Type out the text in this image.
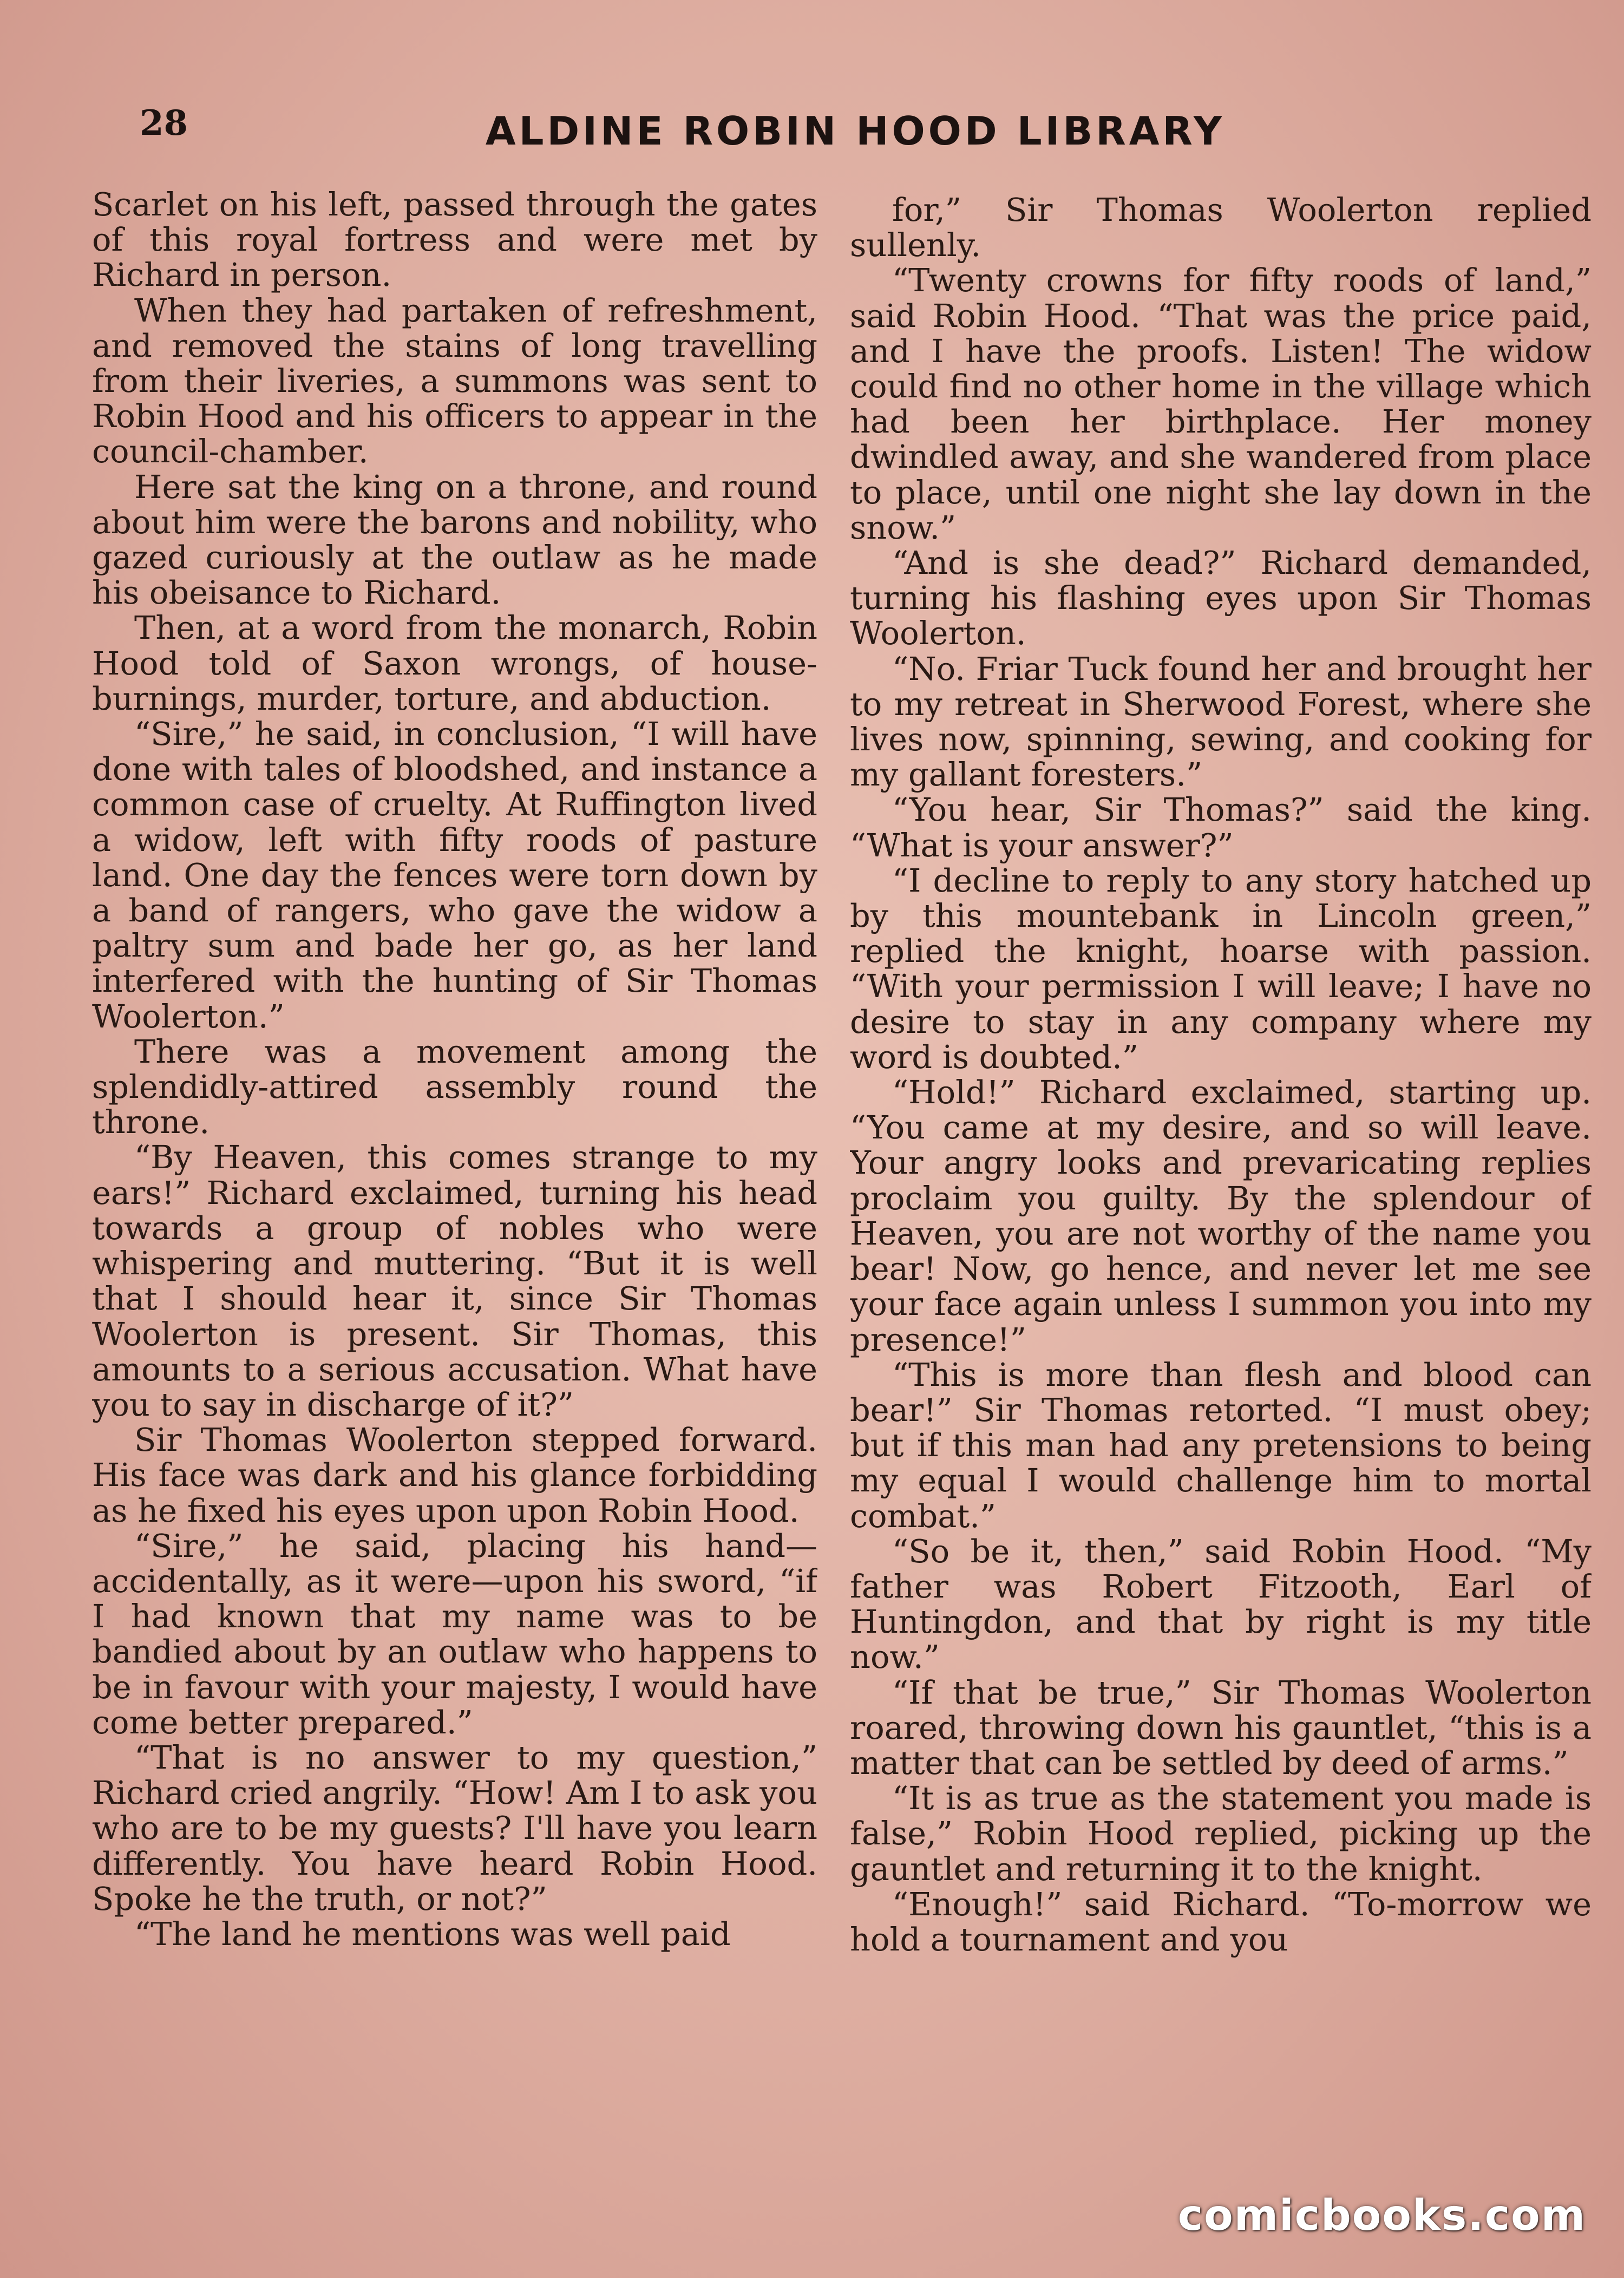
28	ALDINE ROBIN HOOD LIBRARY

Scarlet on his left, passed through the gates of this royal fortress and were met by Richard in person.

When they had partaken of refreshment, and removed the stains of long travelling from their liveries, a summons was sent to Robin Hood and his officers to appear in the council-chamber.

Here sat the king on a throne, and round about him were the barons and nobility, who gazed curiously at the outlaw as he made his obeisance to Richard.

Then, at a word from the monarch, Robin Hood told of Saxon wrongs, of house-burnings, murder, torture, and abduction.

“Sire,” he said, in conclusion, “I will have done with tales of bloodshed, and instance a common case of cruelty. At Ruffington lived a widow, left with fifty roods of pasture land. One day the fences were torn down by a band of rangers, who gave the widow a paltry sum and bade her go, as her land interfered with the hunting of Sir Thomas Woolerton.”

There was a movement among the splendidly-attired assembly round the throne.

“By Heaven, this comes strange to my ears!” Richard exclaimed, turning his head towards a group of nobles who were whispering and muttering. “But it is well that I should hear it, since Sir Thomas Woolerton is present. Sir Thomas, this amounts to a serious accusation. What have you to say in discharge of it?”

Sir Thomas Woolerton stepped forward. His face was dark and his glance forbidding as he fixed his eyes upon upon Robin Hood.

“Sire,” he said, placing his hand—accidentally, as it were—upon his sword, “if I had known that my name was to be bandied about by an outlaw who happens to be in favour with your majesty, I would have come better prepared.”

“That is no answer to my question,” Richard cried angrily. “How! Am I to ask you who are to be my guests? I'll have you learn differently. You have heard Robin Hood. Spoke he the truth, or not?”

“The land he mentions was well paid

for,” Sir Thomas Woolerton replied sullenly.

“Twenty crowns for fifty roods of land,” said Robin Hood. “That was the price paid, and I have the proofs. Listen! The widow could find no other home in the village which had been her birthplace. Her money dwindled away, and she wandered from place to place, until one night she lay down in the snow.”

“And is she dead?” Richard demanded, turning his flashing eyes upon Sir Thomas Woolerton.

“No. Friar Tuck found her and brought her to my retreat in Sherwood Forest, where she lives now, spinning, sewing, and cooking for my gallant foresters.”

“You hear, Sir Thomas?” said the king. “What is your answer?”

“I decline to reply to any story hatched up by this mountebank in Lincoln green,” replied the knight, hoarse with passion. “With your permission I will leave; I have no desire to stay in any company where my word is doubted.”

“Hold!” Richard exclaimed, starting up. “You came at my desire, and so will leave. Your angry looks and prevaricating replies proclaim you guilty. By the splendour of Heaven, you are not worthy of the name you bear! Now, go hence, and never let me see your face again unless I summon you into my presence!”

“This is more than flesh and blood can bear!” Sir Thomas retorted. “I must obey; but if this man had any pretensions to being my equal I would challenge him to mortal combat.”

“So be it, then,” said Robin Hood. “My father was Robert Fitzooth, Earl of Huntingdon, and that by right is my title now.”

“If that be true,” Sir Thomas Woolerton roared, throwing down his gauntlet, “this is a matter that can be settled by deed of arms.”

“It is as true as the statement you made is false,” Robin Hood replied, picking up the gauntlet and returning it to the knight.

“Enough!” said Richard. “To-morrow we hold a tournament and you

comicbooks.com
